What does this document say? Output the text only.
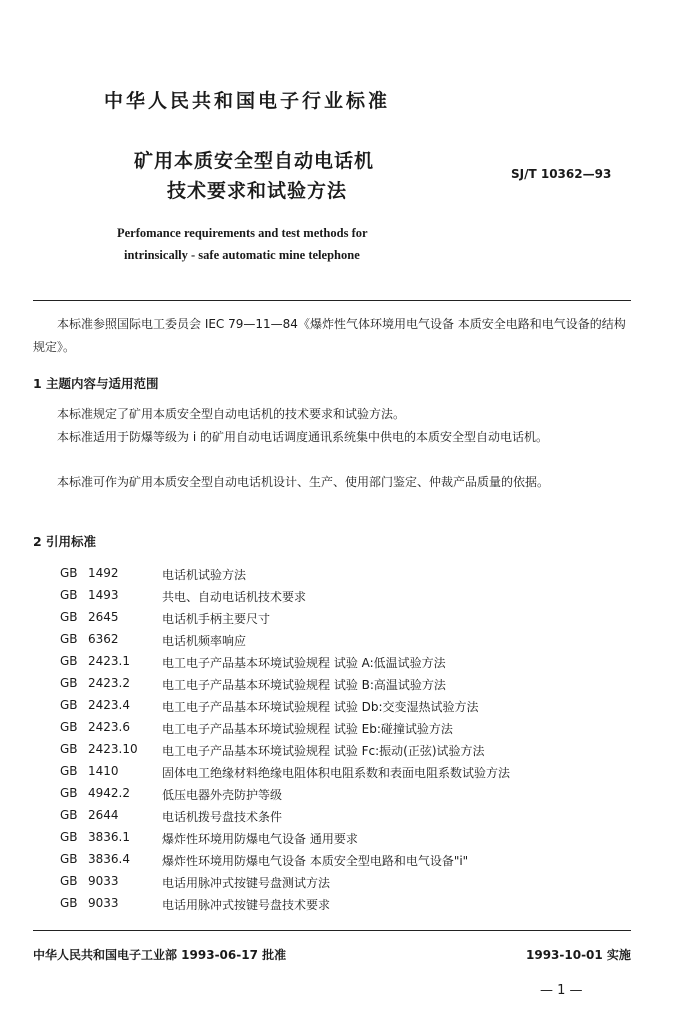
中华人民共和国电子行业标准
矿用本质安全型自动电话机
技术要求和试验方法
SJ/T 10362—93
Perfomance requirements and test methods for
intrinsically - safe automatic mine telephone
本标准参照国际电工委员会 IEC 79—11—84《爆炸性气体环境用电气设备 本质安全电路和电气设备的结构规定》。
1 主题内容与适用范围
本标准规定了矿用本质安全型自动电话机的技术要求和试验方法。
本标准适用于防爆等级为 i 的矿用自动电话调度通讯系统集中供电的本质安全型自动电话机。
本标准可作为矿用本质安全型自动电话机设计、生产、使用部门鉴定、仲裁产品质量的依据。
2 引用标准
GB 1492	电话机试验方法
GB 1493	共电、自动电话机技术要求
GB 2645	电话机手柄主要尺寸
GB 6362	电话机频率响应
GB 2423.1	电工电子产品基本环境试验规程 试验 A:低温试验方法
GB 2423.2	电工电子产品基本环境试验规程 试验 B:高温试验方法
GB 2423.4	电工电子产品基本环境试验规程 试验 Db:交变湿热试验方法
GB 2423.6	电工电子产品基本环境试验规程 试验 Eb:碰撞试验方法
GB 2423.10	电工电子产品基本环境试验规程 试验 Fc:振动(正弦)试验方法
GB 1410	固体电工绝缘材料绝缘电阻体积电阻系数和表面电阻系数试验方法
GB 4942.2	低压电器外壳防护等级
GB 2644	电话机拨号盘技术条件
GB 3836.1	爆炸性环境用防爆电气设备 通用要求
GB 3836.4	爆炸性环境用防爆电气设备 本质安全型电路和电气设备"i"
GB 9033	电话用脉冲式按键号盘测试方法
GB 9033	电话用脉冲式按键号盘技术要求
中华人民共和国电子工业部 1993-06-17 批准	1993-10-01 实施
— 1 —
